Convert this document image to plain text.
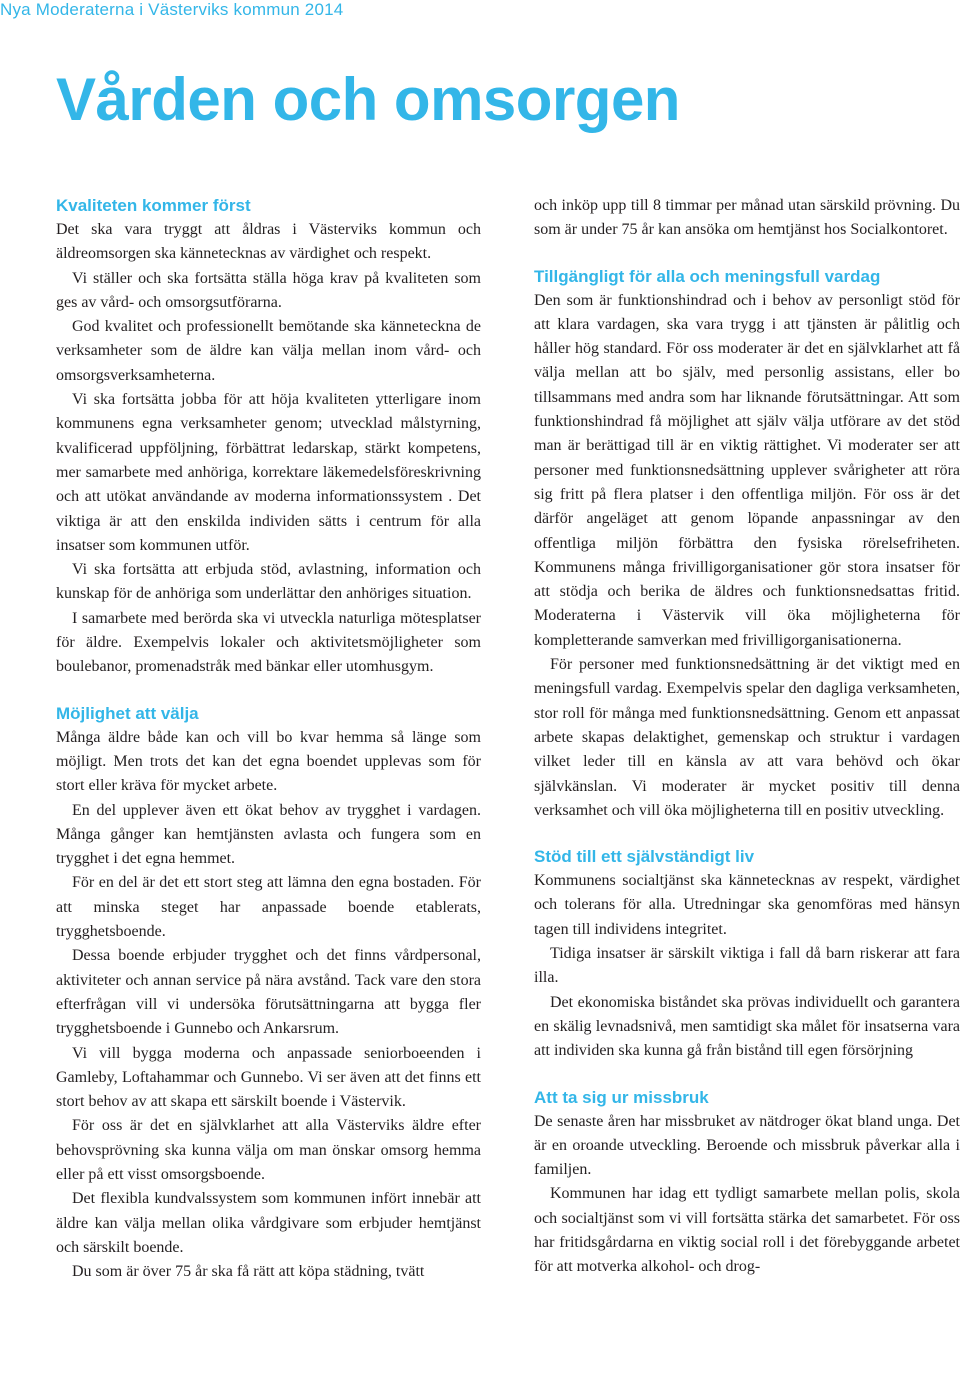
Nya Moderaterna i Västerviks kommun 2014
Vården och omsorgen
Kvaliteten kommer först

Det ska vara tryggt att åldras i Västerviks kommun och äldreomsorgen ska kännetecknas av värdighet och respekt.

Vi ställer och ska fortsätta ställa höga krav på kvaliteten som ges av vård- och omsorgsutförarna.

God kvalitet och professionellt bemötande ska känneteckna de verksamheter som de äldre kan välja mellan inom vård- och omsorgsverksamheterna.

Vi ska fortsätta jobba för att höja kvaliteten ytterligare inom kommunens egna verksamheter genom; utvecklad målstyrning, kvalificerad uppföljning, förbättrat ledarskap, stärkt kompetens, mer samarbete med anhöriga, korrektare läkemedelsföreskrivning och att utökat användande av moderna informationssystem . Det viktiga är att den enskilda individen sätts i centrum för alla insatser som kommunen utför.

Vi ska fortsätta att erbjuda stöd, avlastning, information och kunskap för de anhöriga som underlättar den anhöriges situation.

I samarbete med berörda ska vi utveckla naturliga mötesplatser för äldre. Exempelvis lokaler och aktivitetsmöjligheter som boulebanor, promenadstråk med bänkar eller utomhusgym.

Möjlighet att välja

Många äldre både kan och vill bo kvar hemma så länge som möjligt. Men trots det kan det egna boendet upplevas som för stort eller kräva för mycket arbete.

En del upplever även ett ökat behov av trygghet i vardagen. Många gånger kan hemtjänsten avlasta och fungera som en trygghet i det egna hemmet.

För en del är det ett stort steg att lämna den egna bostaden. För att minska steget har anpassade boende etablerats, trygghetsboende.

Dessa boende erbjuder trygghet och det finns vårdpersonal, aktiviteter och annan service på nära avstånd. Tack vare den stora efterfrågan vill vi undersöka förutsättningarna att bygga fler trygghetsboende i Gunnebo och Ankarsrum.

Vi vill bygga moderna och anpassade seniorboeenden i Gamleby, Loftahammar och Gunnebo. Vi ser även att det finns ett stort behov av att skapa ett särskilt boende i Västervik.

För oss är det en självklarhet att alla Västerviks äldre efter behovsprövning ska kunna välja om man önskar omsorg hemma eller på ett visst omsorgsboende.

Det flexibla kundvalssystem som kommunen infört innebär att äldre kan välja mellan olika vårdgivare som erbjuder hemtjänst och särskilt boende.

Du som är över 75 år ska få rätt att köpa städning, tvätt

och inköp upp till 8 timmar per månad utan särskild prövning. Du som är under 75 år kan ansöka om hemtjänst hos Socialkontoret.

Tillgängligt för alla och meningsfull vardag

Den som är funktionshindrad och i behov av personligt stöd för att klara vardagen, ska vara trygg i att tjänsten är pålitlig och håller hög standard. För oss moderater är det en självklarhet att få välja mellan att bo själv, med personlig assistans, eller bo tillsammans med andra som har liknande förutsättningar. Att som funktionshindrad få möjlighet att själv välja utförare av det stöd man är berättigad till är en viktig rättighet. Vi moderater ser att personer med funktionsnedsättning upplever svårigheter att röra sig fritt på flera platser i den offentliga miljön. För oss är det därför angeläget att genom löpande anpassningar av den offentliga miljön förbättra den fysiska rörelsefriheten. Kommunens många frivilligorganisationer gör stora insatser för att stödja och berika de äldres och funktionsnedsattas fritid. Moderaterna i Västervik vill öka möjligheterna för kompletterande samverkan med frivilligorganisationerna.

För personer med funktionsnedsättning är det viktigt med en meningsfull vardag. Exempelvis spelar den dagliga verksamheten, stor roll för många med funktionsnedsättning. Genom ett anpassat arbete skapas delaktighet, gemenskap och struktur i vardagen vilket leder till en känsla av att vara behövd och ökar självkänslan. Vi moderater är mycket positiv till denna verksamhet och vill öka möjligheterna till en positiv utveckling.

Stöd till ett självständigt liv

Kommunens socialtjänst ska kännetecknas av respekt, värdighet och tolerans för alla. Utredningar ska genomföras med hänsyn tagen till individens integritet.

Tidiga insatser är särskilt viktiga i fall då barn riskerar att fara illa.

Det ekonomiska biståndet ska prövas individuellt och garantera en skälig levnadsnivå, men samtidigt ska målet för insatserna vara att individen ska kunna gå från bistånd till egen försörjning

Att ta sig ur missbruk

De senaste åren har missbruket av nätdroger ökat bland unga. Det är en oroande utveckling. Beroende och missbruk påverkar alla i familjen.

Kommunen har idag ett tydligt samarbete mellan polis, skola och socialtjänst som vi vill fortsätta stärka det samarbetet. För oss har fritidsgårdarna en viktig social roll i det förebyggande arbetet för att motverka alkohol- och drog-
